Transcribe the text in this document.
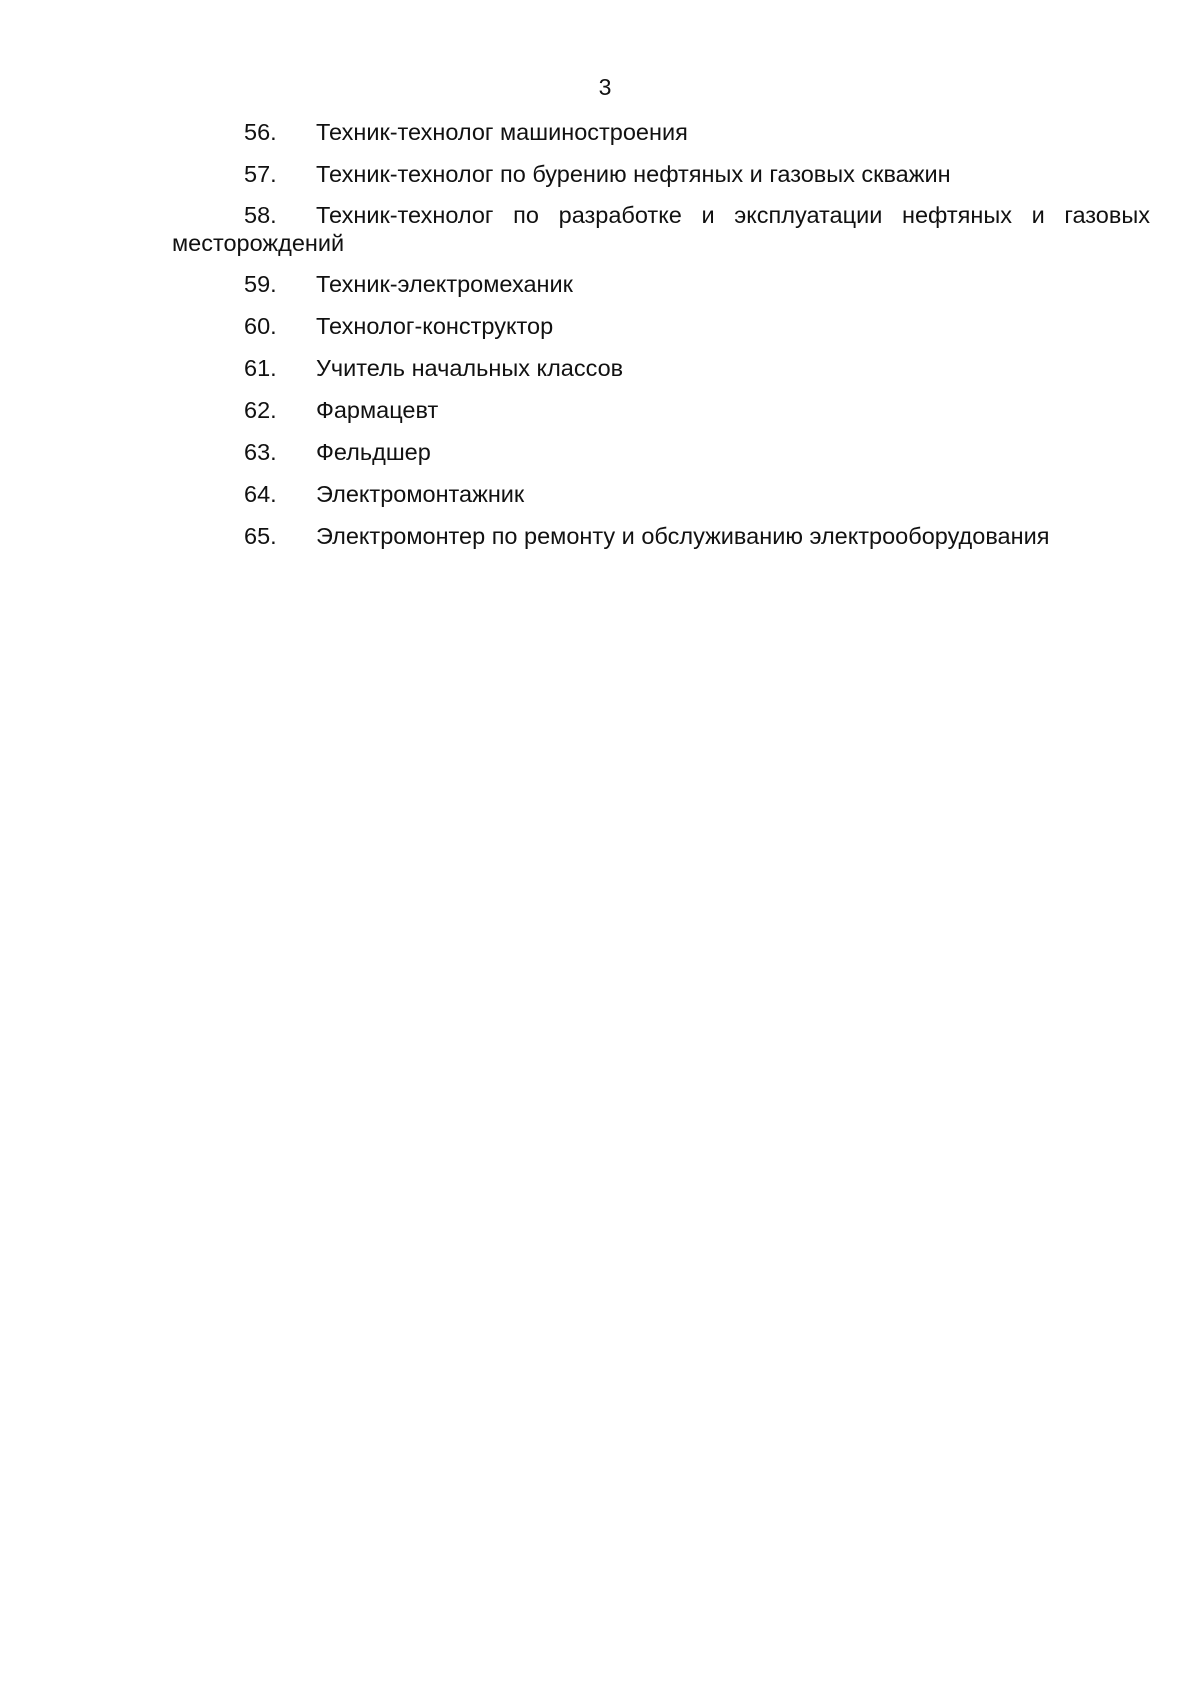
3
56. Техник-технолог машиностроения
57. Техник-технолог по бурению нефтяных и газовых скважин
58. Техник-технолог по разработке и эксплуатации нефтяных и газовых месторождений
59. Техник-электромеханик
60. Технолог-конструктор
61. Учитель начальных классов
62. Фармацевт
63. Фельдшер
64. Электромонтажник
65. Электромонтер по ремонту и обслуживанию электрооборудования
